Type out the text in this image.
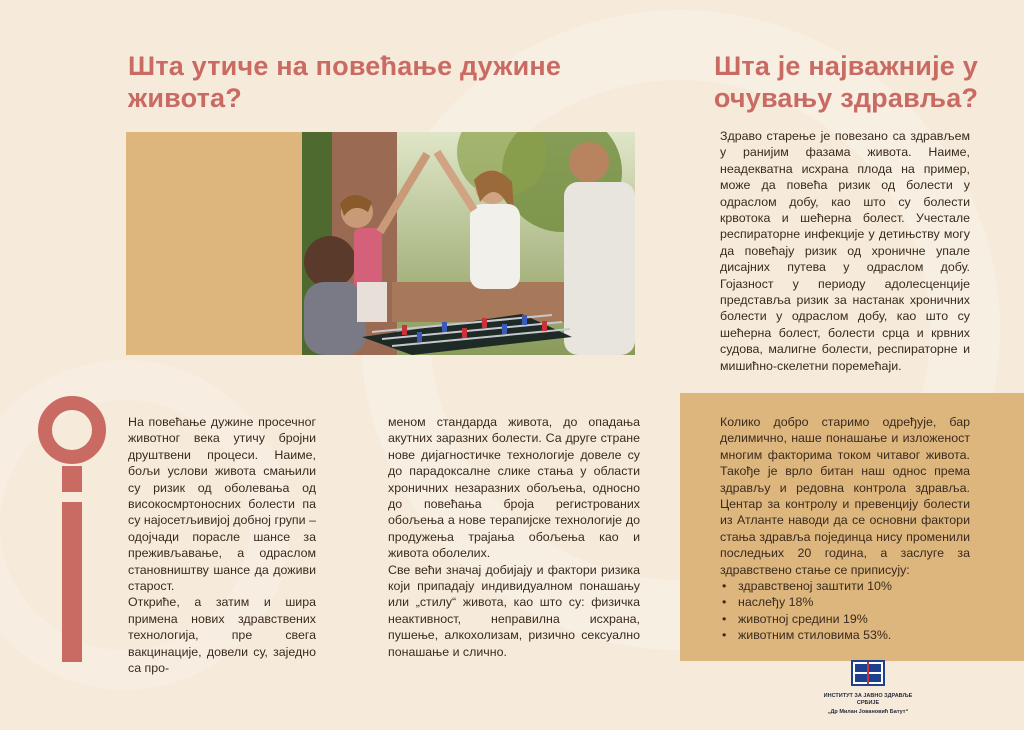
Шта утиче на повећање дужине живота?
Шта је најважније у очувању здравља?

На повећање дужине просечног животног века утичу бројни друштвени процеси. Наиме, бољи услови живота смањили су ризик од оболевања од високосмртоносних болести па су најосетљивијој добној групи – одојчади порасле шансе за преживљавање, а одраслом становништву шансе да доживи старост.

Откриће, а затим и шира примена нових здравствених технологија, пре свега вакцинације, довели су, заједно са про-

меном стандарда живота, до опадања акутних заразних болести. Са друге стране нове дијагностичке технологије довеле су до парадоксалне слике стања у области хроничних незаразних обољења, односно до повећања броја регистрованих обољења а нове терапијске технологије до продужења трајања обољења као и живота оболелих.

Све већи значај добијају и фактори ризика који припадају индивидуалном понашању или „стилу“ живота, као што су: физичка неактивност, неправилна исхрана, пушење, алкохолизам, ризично сексуално понашање и слично.

Здраво старење је повезано са здрављем у ранијим фазама живота. Наиме, неадекватна исхрана плода на пример, може да повећа ризик од болести у одраслом добу, као што су болести крвотока и шећерна болест. Учестале респираторне инфекције у детињству могу да повећају ризик од хроничне упале дисајних путева у одраслом добу. Гојазност у периоду адолесценције представља ризик за настанак хроничних болести у одраслом добу, као што су шећерна болест, болести срца и крвних судова, малигне болести, респираторне и мишићно-скелетни поремећаји.

Колико добро старимо одређује, бар делимично, наше понашање и изложеност многим факторима током читавог живота. Такође је врло битан наш однос према здрављу и редовна контрола здравља. Центар за контролу и превенцију болести из Атланте наводи да се основни фактори стања здравља појединца нису променили последњих 20 година, а заслуге за здравствено стање се приписују:

• здравственој заштити 10%
• наслеђу 18%
• животној средини 19%
• животним стиловима 53%.
ИНСТИТУТ ЗА ЈАВНО ЗДРАВЉЕ СРБИЈЕ
„Др Милан Јовановић Батут“
